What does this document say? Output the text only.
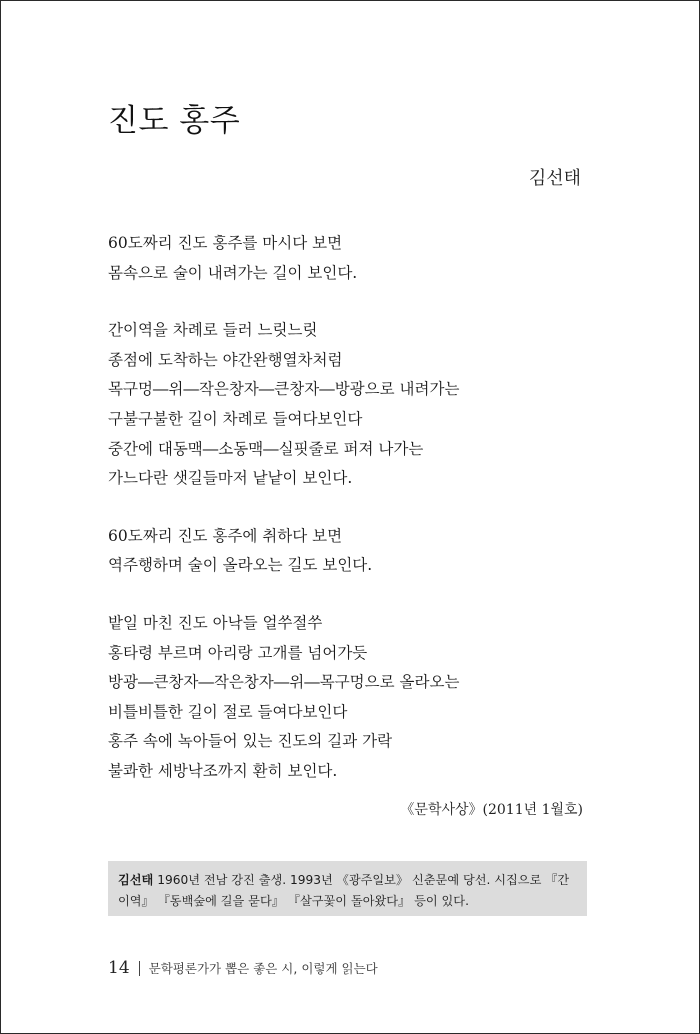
진도 홍주
김선태
60도짜리 진도 홍주를 마시다 보면
몸속으로 술이 내려가는 길이 보인다.
간이역을 차례로 들러 느릿느릿
종점에 도착하는 야간완행열차처럼
목구멍―위―작은창자―큰창자―방광으로 내려가는
구불구불한 길이 차례로 들여다보인다
중간에 대동맥―소동맥―실핏줄로 퍼져 나가는
가느다란 샛길들마저 낱낱이 보인다.
60도짜리 진도 홍주에 취하다 보면
역주행하며 술이 올라오는 길도 보인다.
밭일 마친 진도 아낙들 얼쑤절쑤
홍타령 부르며 아리랑 고개를 넘어가듯
방광―큰창자―작은창자―위―목구멍으로 올라오는
비틀비틀한 길이 절로 들여다보인다
홍주 속에 녹아들어 있는 진도의 길과 가락
불콰한 세방낙조까지 환히 보인다.
《문학사상》(2011년 1월호)
김선태 1960년 전남 강진 출생. 1993년 《광주일보》 신춘문예 당선. 시집으로 『간이역』 『동백숲에 길을 묻다』 『살구꽃이 돌아왔다』 등이 있다.
14 문학평론가가 뽑은 좋은 시, 이렇게 읽는다
